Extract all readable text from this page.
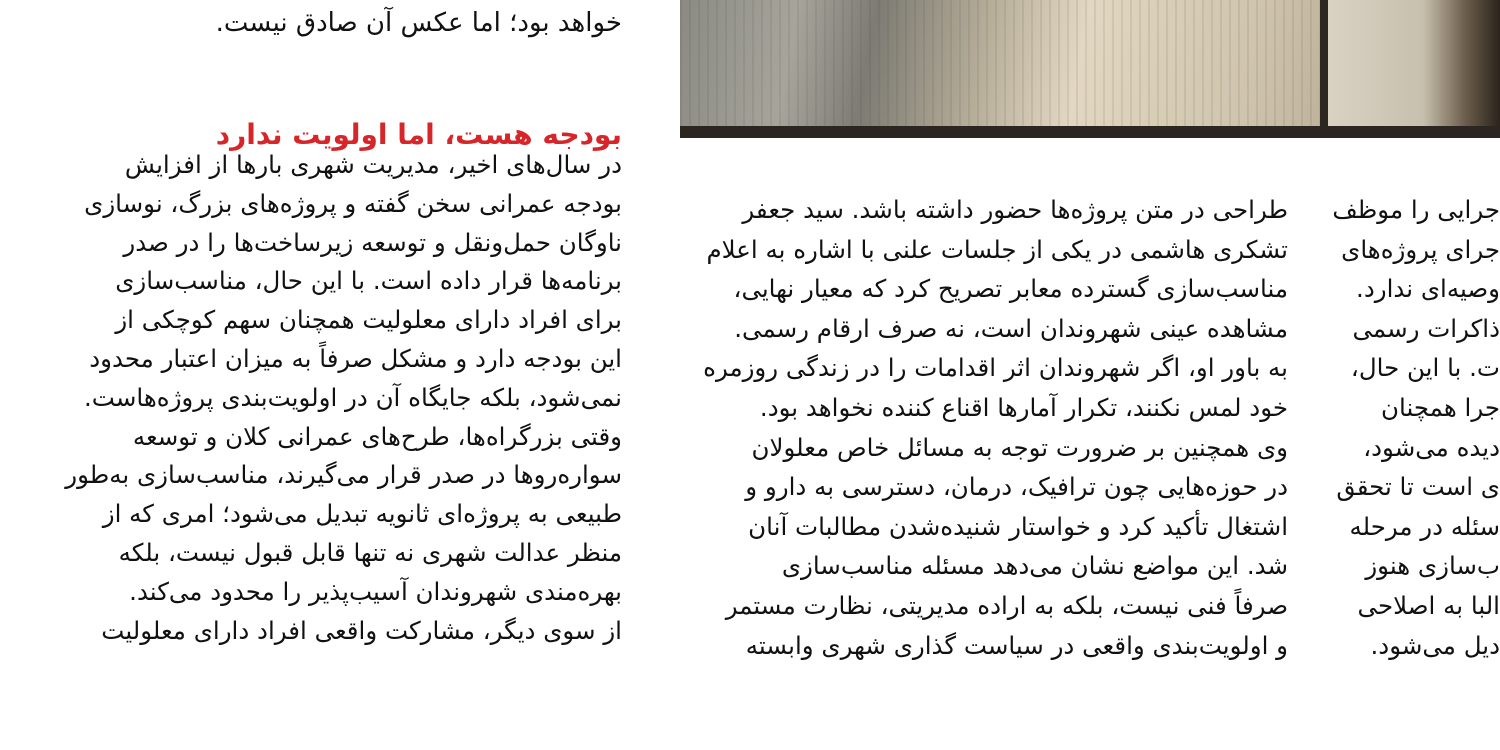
خواهد بود؛ اما عکس آن صادق نیست.
بودجه هست، اما اولویت ندارد
در سال‌های اخیر، مدیریت شهری بارها از افزایش
بودجه عمرانی سخن گفته و پروژه‌های بزرگ، نوسازی
ناوگان حمل‌ونقل و توسعه زیرساخت‌ها را در صدر
برنامه‌ها قرار داده است. با این حال، مناسب‌سازی
برای افراد دارای معلولیت همچنان سهم کوچکی از
این بودجه دارد و مشکل صرفاً به میزان اعتبار محدود
نمی‌شود، بلکه جایگاه آن در اولویت‌بندی پروژه‌هاست.
وقتی بزرگراه‌ها، طرح‌های عمرانی کلان و توسعه
سواره‌روها در صدر قرار می‌گیرند، مناسب‌سازی به‌طور
طبیعی به پروژه‌ای ثانویه تبدیل می‌شود؛ امری که از
منظر عدالت شهری نه تنها قابل قبول نیست، بلکه
بهره‌مندی شهروندان آسیب‌پذیر را محدود می‌کند.
از سوی دیگر، مشارکت واقعی افراد دارای معلولیت
طراحی در متن پروژه‌ها حضور داشته باشد. سید جعفر
تشکری هاشمی در یکی از جلسات علنی با اشاره به اعلام
مناسب‌سازی گسترده معابر تصریح کرد که معیار نهایی،
مشاهده عینی شهروندان است، نه صرف ارقام رسمی.
به باور او، اگر شهروندان اثر اقدامات را در زندگی روزمره
خود لمس نکنند، تکرار آمارها اقناع کننده نخواهد بود.
وی همچنین بر ضرورت توجه به مسائل خاص معلولان
در حوزه‌هایی چون ترافیک، درمان، دسترسی به دارو و
اشتغال تأکید کرد و خواستار شنیده‌شدن مطالبات آنان
شد. این مواضع نشان می‌دهد مسئله مناسب‌سازی
صرفاً فنی نیست، بلکه به اراده مدیریتی، نظارت مستمر
و اولویت‌بندی واقعی در سیاست گذاری شهری وابسته
جرایی را موظف
جرای پروژه‌های
وصیه‌ای ندارد.
ذاکرات رسمی
ت. با این حال،
جرا همچنان
دیده می‌شود،
ی است تا تحقق
سئله در مرحله
ب‌سازی هنوز
البا به اصلاحی
دیل می‌شود.
